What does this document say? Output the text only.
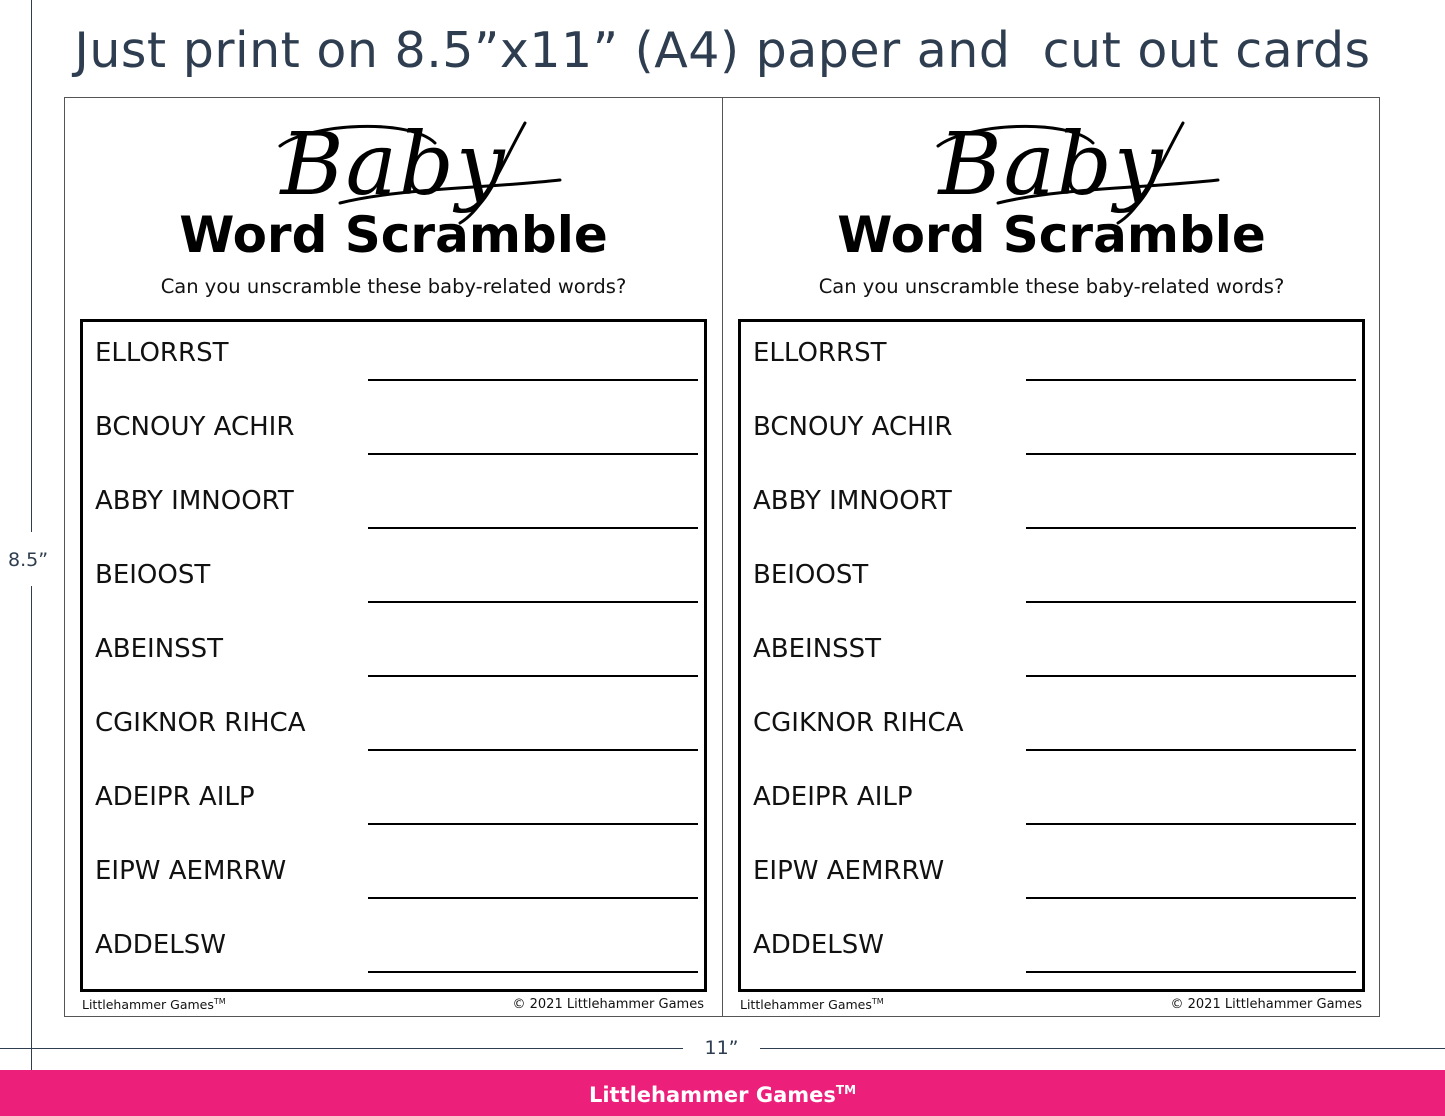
Just print on 8.5”x11” (A4) paper and  cut out cards
8.5”
Baby
Word Scramble
Can you unscramble these baby-related words?
ELLORRST
BCNOUY ACHIR
ABBY IMNOORT
BEIOOST
ABEINSST
CGIKNOR RIHCA
ADEIPR AILP
EIPW AEMRRW
ADDELSW
Littlehammer Games™	© 2021 Littlehammer Games
Baby
Word Scramble
Can you unscramble these baby-related words?
ELLORRST
BCNOUY ACHIR
ABBY IMNOORT
BEIOOST
ABEINSST
CGIKNOR RIHCA
ADEIPR AILP
EIPW AEMRRW
ADDELSW
Littlehammer Games™	© 2021 Littlehammer Games
11”
Littlehammer Games™
